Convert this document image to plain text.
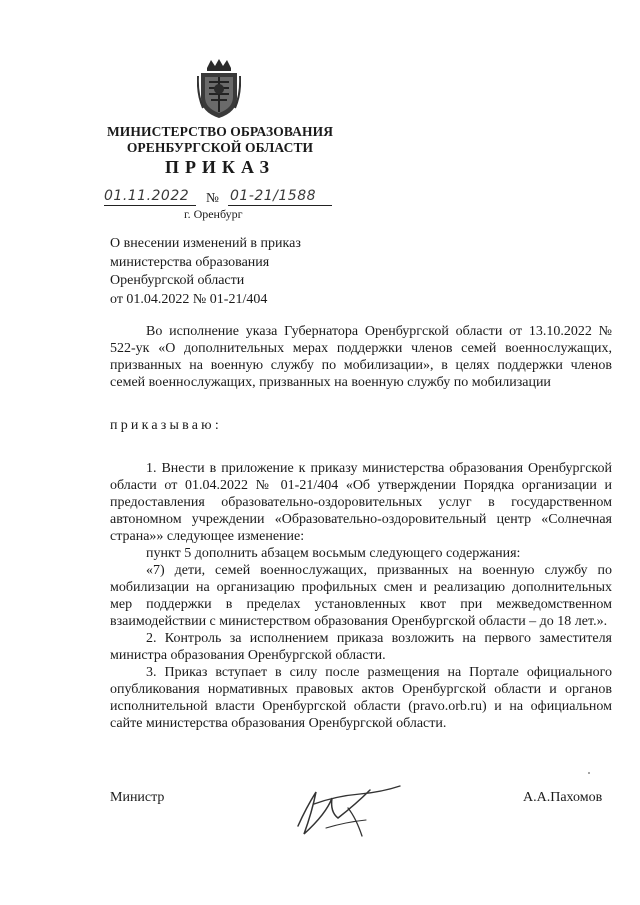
МИНИСТЕРСТВО ОБРАЗОВАНИЯ
ОРЕНБУРГСКОЙ ОБЛАСТИ
ПРИКАЗ
01.11.2022 № 01-21/1588
г. Оренбург
О внесении изменений в приказ
министерства образования
Оренбургской области
от 01.04.2022 № 01-21/404

Во исполнение указа Губернатора Оренбургской области от 13.10.2022 № 522-ук «О дополнительных мерах поддержки членов семей военнослужащих, призванных на военную службу по мобилизации», в целях поддержки членов семей военнослужащих, призванных на военную службу по мобилизации

приказываю:

1. Внести в приложение к приказу министерства образования Оренбургской области от 01.04.2022 № 01-21/404 «Об утверждении Порядка организации и предоставления образовательно-оздоровительных услуг в государственном автономном учреждении «Образовательно-оздоровительный центр «Солнечная страна»» следующее изменение:

пункт 5 дополнить абзацем восьмым следующего содержания:

«7) дети, семей военнослужащих, призванных на военную службу по мобилизации на организацию профильных смен и реализацию дополнительных мер поддержки в пределах установленных квот при межведомственном взаимодействии с министерством образования Оренбургской области – до 18 лет.».

2. Контроль за исполнением приказа возложить на первого заместителя министра образования Оренбургской области.

3. Приказ вступает в силу после размещения на Портале официального опубликования нормативных правовых актов Оренбургской области и органов исполнительной власти Оренбургской области (pravo.orb.ru) и на официальном сайте министерства образования Оренбургской области.

Министр	А.А.Пахомов
